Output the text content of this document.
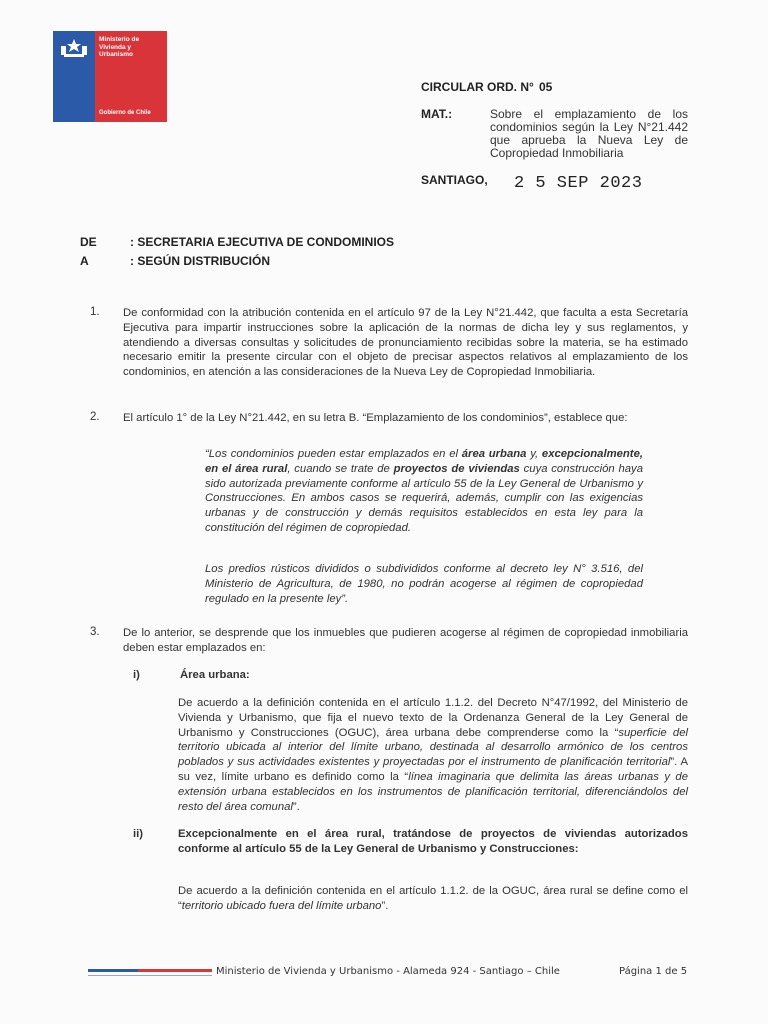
Ministerio de Vivienda y Urbanismo
Gobierno de Chile
CIRCULAR ORD. N° 05
MAT.:	Sobre el emplazamiento de los condominios según la Ley N°21.442 que aprueba la Nueva Ley de Copropiedad Inmobiliaria
SANTIAGO, 2 5 SEP 2023
DE	: SECRETARIA EJECUTIVA DE CONDOMINIOS
A	: SEGÚN DISTRIBUCIÓN
1. De conformidad con la atribución contenida en el artículo 97 de la Ley N°21.442, que faculta a esta Secretaría Ejecutiva para impartir instrucciones sobre la aplicación de la normas de dicha ley y sus reglamentos, y atendiendo a diversas consultas y solicitudes de pronunciamiento recibidas sobre la materia, se ha estimado necesario emitir la presente circular con el objeto de precisar aspectos relativos al emplazamiento de los condominios, en atención a las consideraciones de la Nueva Ley de Copropiedad Inmobiliaria.
2. El artículo 1° de la Ley N°21.442, en su letra B. “Emplazamiento de los condominios”, establece que:
“Los condominios pueden estar emplazados en el área urbana y, excepcionalmente, en el área rural, cuando se trate de proyectos de viviendas cuya construcción haya sido autorizada previamente conforme al artículo 55 de la Ley General de Urbanismo y Construcciones. En ambos casos se requerirá, además, cumplir con las exigencias urbanas y de construcción y demás requisitos establecidos en esta ley para la constitución del régimen de copropiedad.
Los predios rústicos divididos o subdivididos conforme al decreto ley N° 3.516, del Ministerio de Agricultura, de 1980, no podrán acogerse al régimen de copropiedad regulado en la presente ley”.
3. De lo anterior, se desprende que los inmuebles que pudieren acogerse al régimen de copropiedad inmobiliaria deben estar emplazados en:
i)	Área urbana:
De acuerdo a la definición contenida en el artículo 1.1.2. del Decreto N°47/1992, del Ministerio de Vivienda y Urbanismo, que fija el nuevo texto de la Ordenanza General de la Ley General de Urbanismo y Construcciones (OGUC), área urbana debe comprenderse como la “superficie del territorio ubicada al interior del límite urbano, destinada al desarrollo armónico de los centros poblados y sus actividades existentes y proyectadas por el instrumento de planificación territorial”. A su vez, límite urbano es definido como la “línea imaginaria que delimita las áreas urbanas y de extensión urbana establecidos en los instrumentos de planificación territorial, diferenciándolos del resto del área comunal”.
ii)	Excepcionalmente en el área rural, tratándose de proyectos de viviendas autorizados conforme al artículo 55 de la Ley General de Urbanismo y Construcciones:
De acuerdo a la definición contenida en el artículo 1.1.2. de la OGUC, área rural se define como el “territorio ubicado fuera del límite urbano”.
Ministerio de Vivienda y Urbanismo - Alameda 924 - Santiago – Chile	Página 1 de 5
